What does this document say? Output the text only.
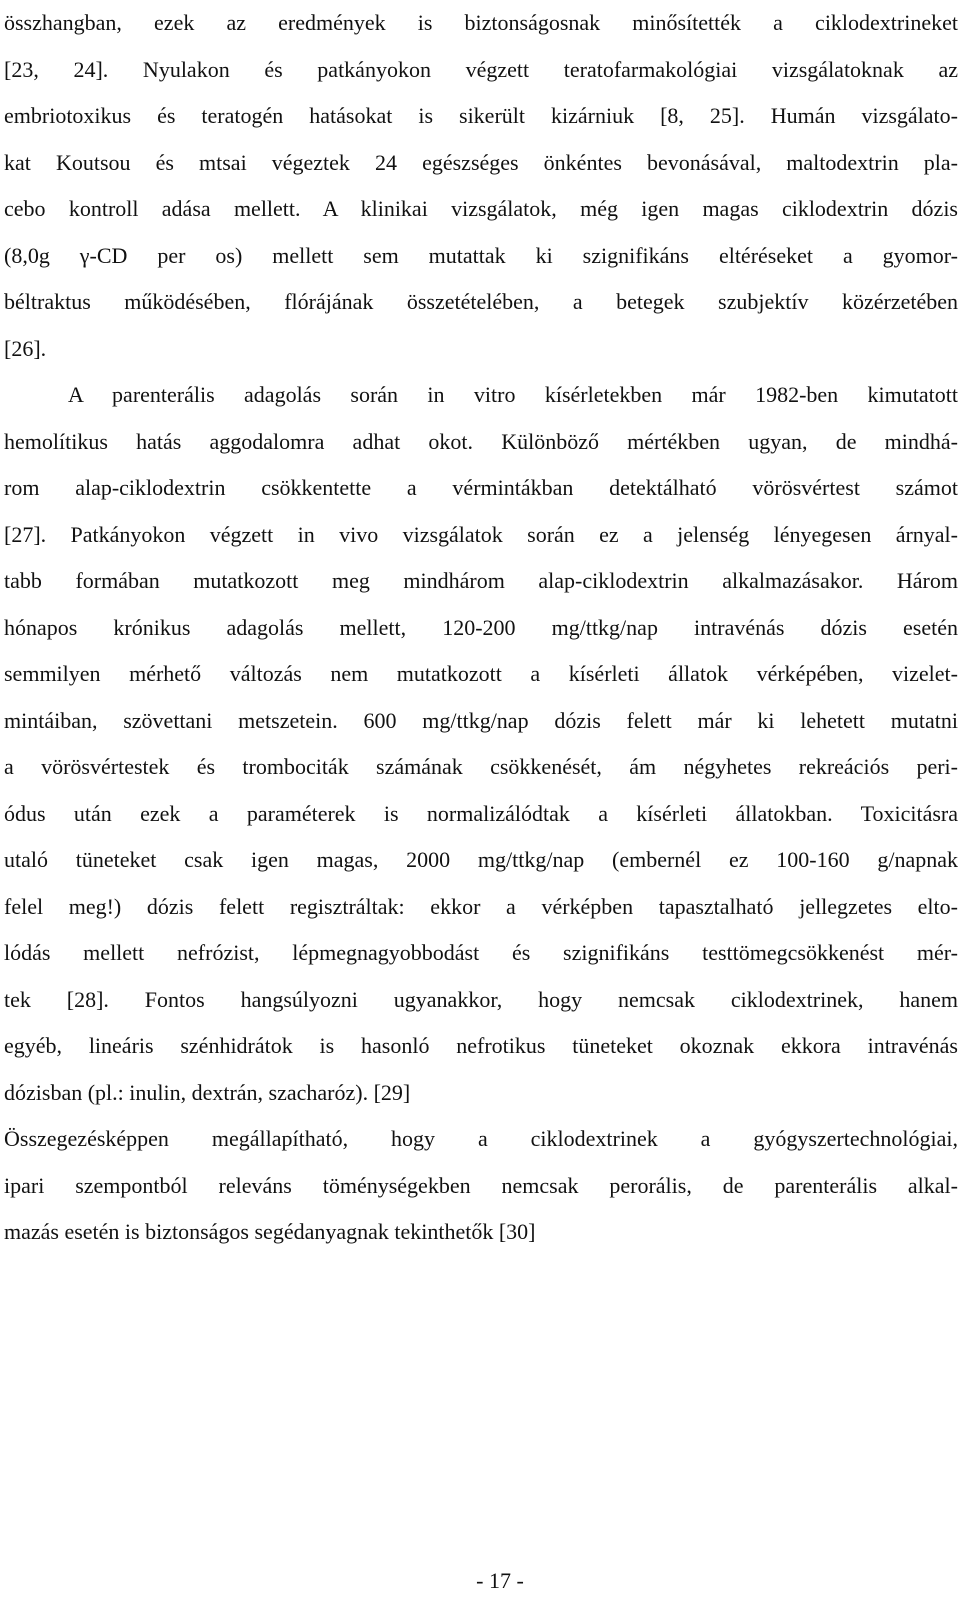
összhangban, ezek az eredmények is biztonságosnak minősítették a ciklodextrineket
[23, 24]. Nyulakon és patkányokon végzett teratofarmakológiai vizsgálatoknak az
embriotoxikus és teratogén hatásokat is sikerült kizárniuk [8, 25]. Humán vizsgálato-
kat Koutsou és mtsai végeztek 24 egészséges önkéntes bevonásával, maltodextrin pla-
cebo kontroll adása mellett. A klinikai vizsgálatok, még igen magas ciklodextrin dózis
(8,0g γ-CD per os) mellett sem mutattak ki szignifikáns eltéréseket a gyomor-
béltraktus működésében, flórájának összetételében, a betegek szubjektív közérzetében
[26].
A parenterális adagolás során in vitro kísérletekben már 1982-ben kimutatott
hemolítikus hatás aggodalomra adhat okot. Különböző mértékben ugyan, de mindhá-
rom alap-ciklodextrin csökkentette a vérmintákban detektálható vörösvértest számot
[27]. Patkányokon végzett in vivo vizsgálatok során ez a jelenség lényegesen árnyal-
tabb formában mutatkozott meg mindhárom alap-ciklodextrin alkalmazásakor. Három
hónapos krónikus adagolás mellett, 120-200 mg/ttkg/nap intravénás dózis esetén
semmilyen mérhető változás nem mutatkozott a kísérleti állatok vérképében, vizelet-
mintáiban, szövettani metszetein. 600 mg/ttkg/nap dózis felett már ki lehetett mutatni
a vörösvértestek és trombociták számának csökkenését, ám négyhetes rekreációs peri-
ódus után ezek a paraméterek is normalizálódtak a kísérleti állatokban. Toxicitásra
utaló tüneteket csak igen magas, 2000 mg/ttkg/nap (embernél ez 100-160 g/napnak
felel meg!) dózis felett regisztráltak: ekkor a vérképben tapasztalható jellegzetes elto-
lódás mellett nefrózist, lépmegnagyobbodást és szignifikáns testtömegcsökkenést mér-
tek [28]. Fontos hangsúlyozni ugyanakkor, hogy nemcsak ciklodextrinek, hanem
egyéb, lineáris szénhidrátok is hasonló nefrotikus tüneteket okoznak ekkora intravénás
dózisban (pl.: inulin, dextrán, szacharóz). [29]
Összegezésképpen megállapítható, hogy a ciklodextrinek a gyógyszertechnológiai,
ipari szempontból releváns töménységekben nemcsak perorális, de parenterális alkal-
mazás esetén is biztonságos segédanyagnak tekinthetők [30]
- 17 -
